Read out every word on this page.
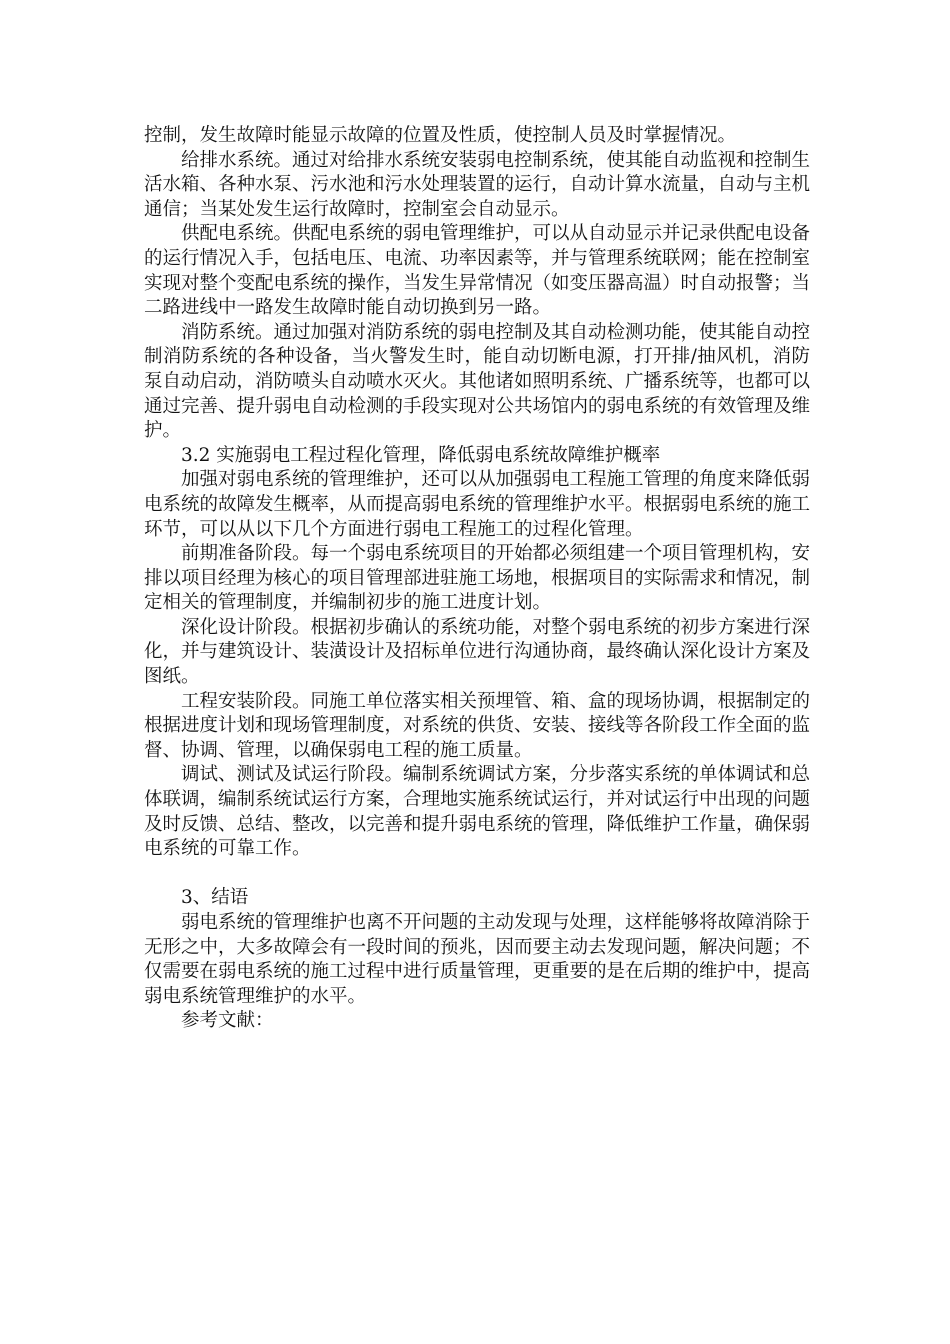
控制，发生故障时能显示故障的位置及性质，使控制人员及时掌握情况。

给排水系统。通过对给排水系统安装弱电控制系统，使其能自动监视和控制生活水箱、各种水泵、污水池和污水处理装置的运行，自动计算水流量，自动与主机通信；当某处发生运行故障时，控制室会自动显示。

供配电系统。供配电系统的弱电管理维护，可以从自动显示并记录供配电设备的运行情况入手，包括电压、电流、功率因素等，并与管理系统联网；能在控制室实现对整个变配电系统的操作，当发生异常情况（如变压器高温）时自动报警；当二路进线中一路发生故障时能自动切换到另一路。

消防系统。通过加强对消防系统的弱电控制及其自动检测功能，使其能自动控制消防系统的各种设备，当火警发生时，能自动切断电源，打开排/抽风机，消防泵自动启动，消防喷头自动喷水灭火。其他诸如照明系统、广播系统等，也都可以通过完善、提升弱电自动检测的手段实现对公共场馆内的弱电系统的有效管理及维护。

3.2 实施弱电工程过程化管理，降低弱电系统故障维护概率

加强对弱电系统的管理维护，还可以从加强弱电工程施工管理的角度来降低弱电系统的故障发生概率，从而提高弱电系统的管理维护水平。根据弱电系统的施工环节，可以从以下几个方面进行弱电工程施工的过程化管理。

前期准备阶段。每一个弱电系统项目的开始都必须组建一个项目管理机构，安排以项目经理为核心的项目管理部进驻施工场地，根据项目的实际需求和情况，制定相关的管理制度，并编制初步的施工进度计划。

深化设计阶段。根据初步确认的系统功能，对整个弱电系统的初步方案进行深化，并与建筑设计、装潢设计及招标单位进行沟通协商，最终确认深化设计方案及图纸。

工程安装阶段。同施工单位落实相关预埋管、箱、盒的现场协调，根据制定的根据进度计划和现场管理制度，对系统的供货、安装、接线等各阶段工作全面的监督、协调、管理，以确保弱电工程的施工质量。

调试、测试及试运行阶段。编制系统调试方案，分步落实系统的单体调试和总体联调，编制系统试运行方案，合理地实施系统试运行，并对试运行中出现的问题及时反馈、总结、整改，以完善和提升弱电系统的管理，降低维护工作量，确保弱电系统的可靠工作。

3、结语

弱电系统的管理维护也离不开问题的主动发现与处理，这样能够将故障消除于无形之中，大多故障会有一段时间的预兆，因而要主动去发现问题，解决问题；不仅需要在弱电系统的施工过程中进行质量管理，更重要的是在后期的维护中，提高弱电系统管理维护的水平。

参考文献：
